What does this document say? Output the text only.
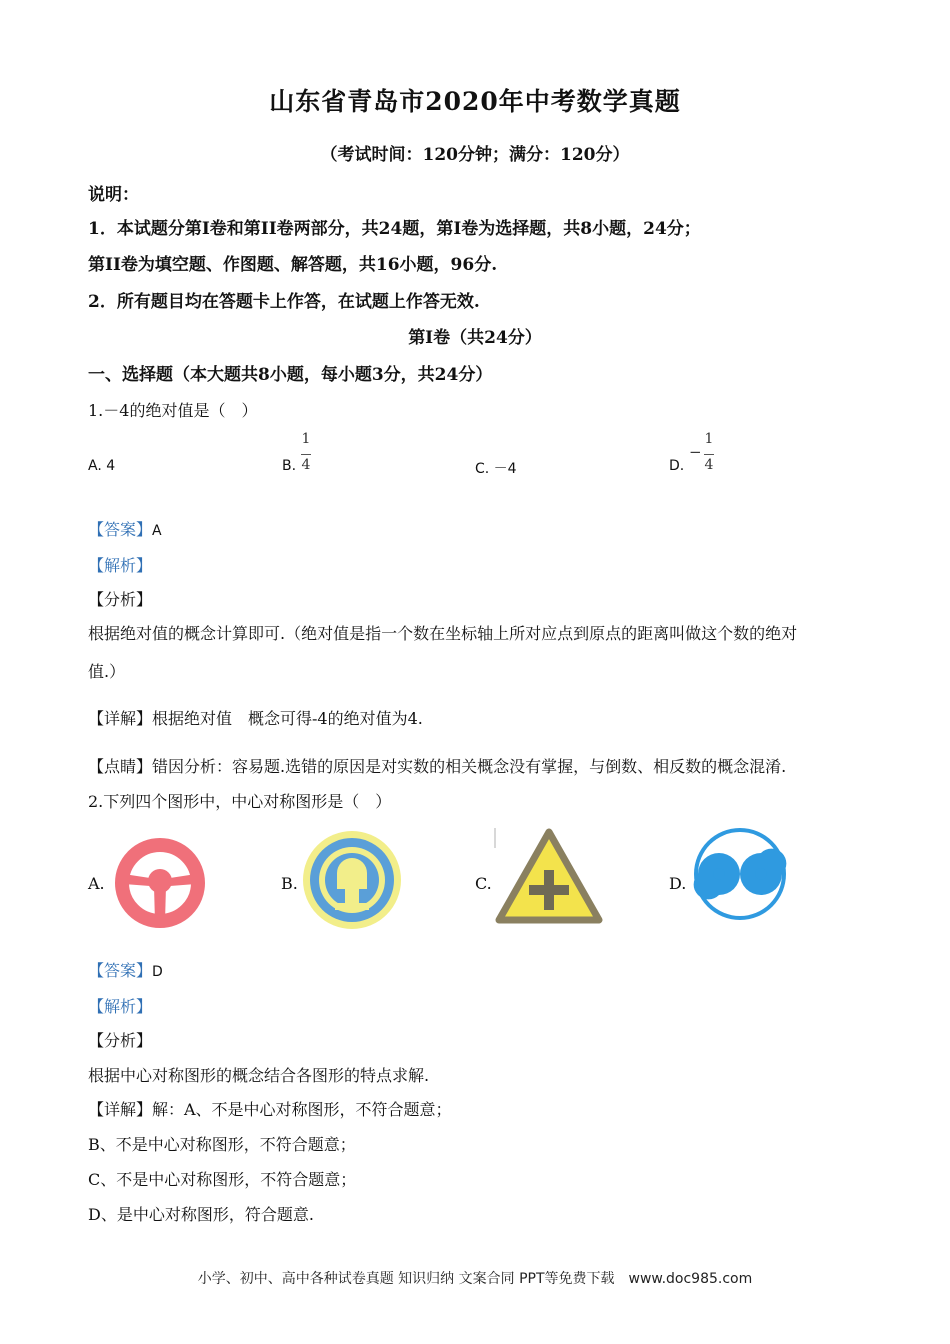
山东省青岛市2020年中考数学真题
（考试时间：120分钟；满分：120分）
说明：
1．本试题分第I卷和第II卷两部分，共24题，第I卷为选择题，共8小题，24分；
第II卷为填空题、作图题、解答题，共16小题，96分.
2．所有题目均在答题卡上作答，在试题上作答无效.
第I卷（共24分）
一、选择题（本大题共8小题，每小题3分，共24分）
1.－4的绝对值是（　）
A. 4	B.
1
4	C. －4	D.
−
1
4
【答案】A
【解析】
【分析】
根据绝对值的概念计算即可.（绝对值是指一个数在坐标轴上所对应点到原点的距离叫做这个数的绝对
值.）
【详解】根据绝对值　概念可得-4的绝对值为4.
【点睛】错因分析：容易题.选错的原因是对实数的相关概念没有掌握，与倒数、相反数的概念混淆.
2.下列四个图形中，中心对称图形是（　）
A.	B.	C.	D.
【答案】D
【解析】
【分析】
根据中心对称图形的概念结合各图形的特点求解.
【详解】解：A、不是中心对称图形，不符合题意；
B、不是中心对称图形，不符合题意；
C、不是中心对称图形，不符合题意；
D、是中心对称图形，符合题意.
小学、初中、高中各种试卷真题 知识归纳 文案合同 PPT等免费下载　www.doc985.com
